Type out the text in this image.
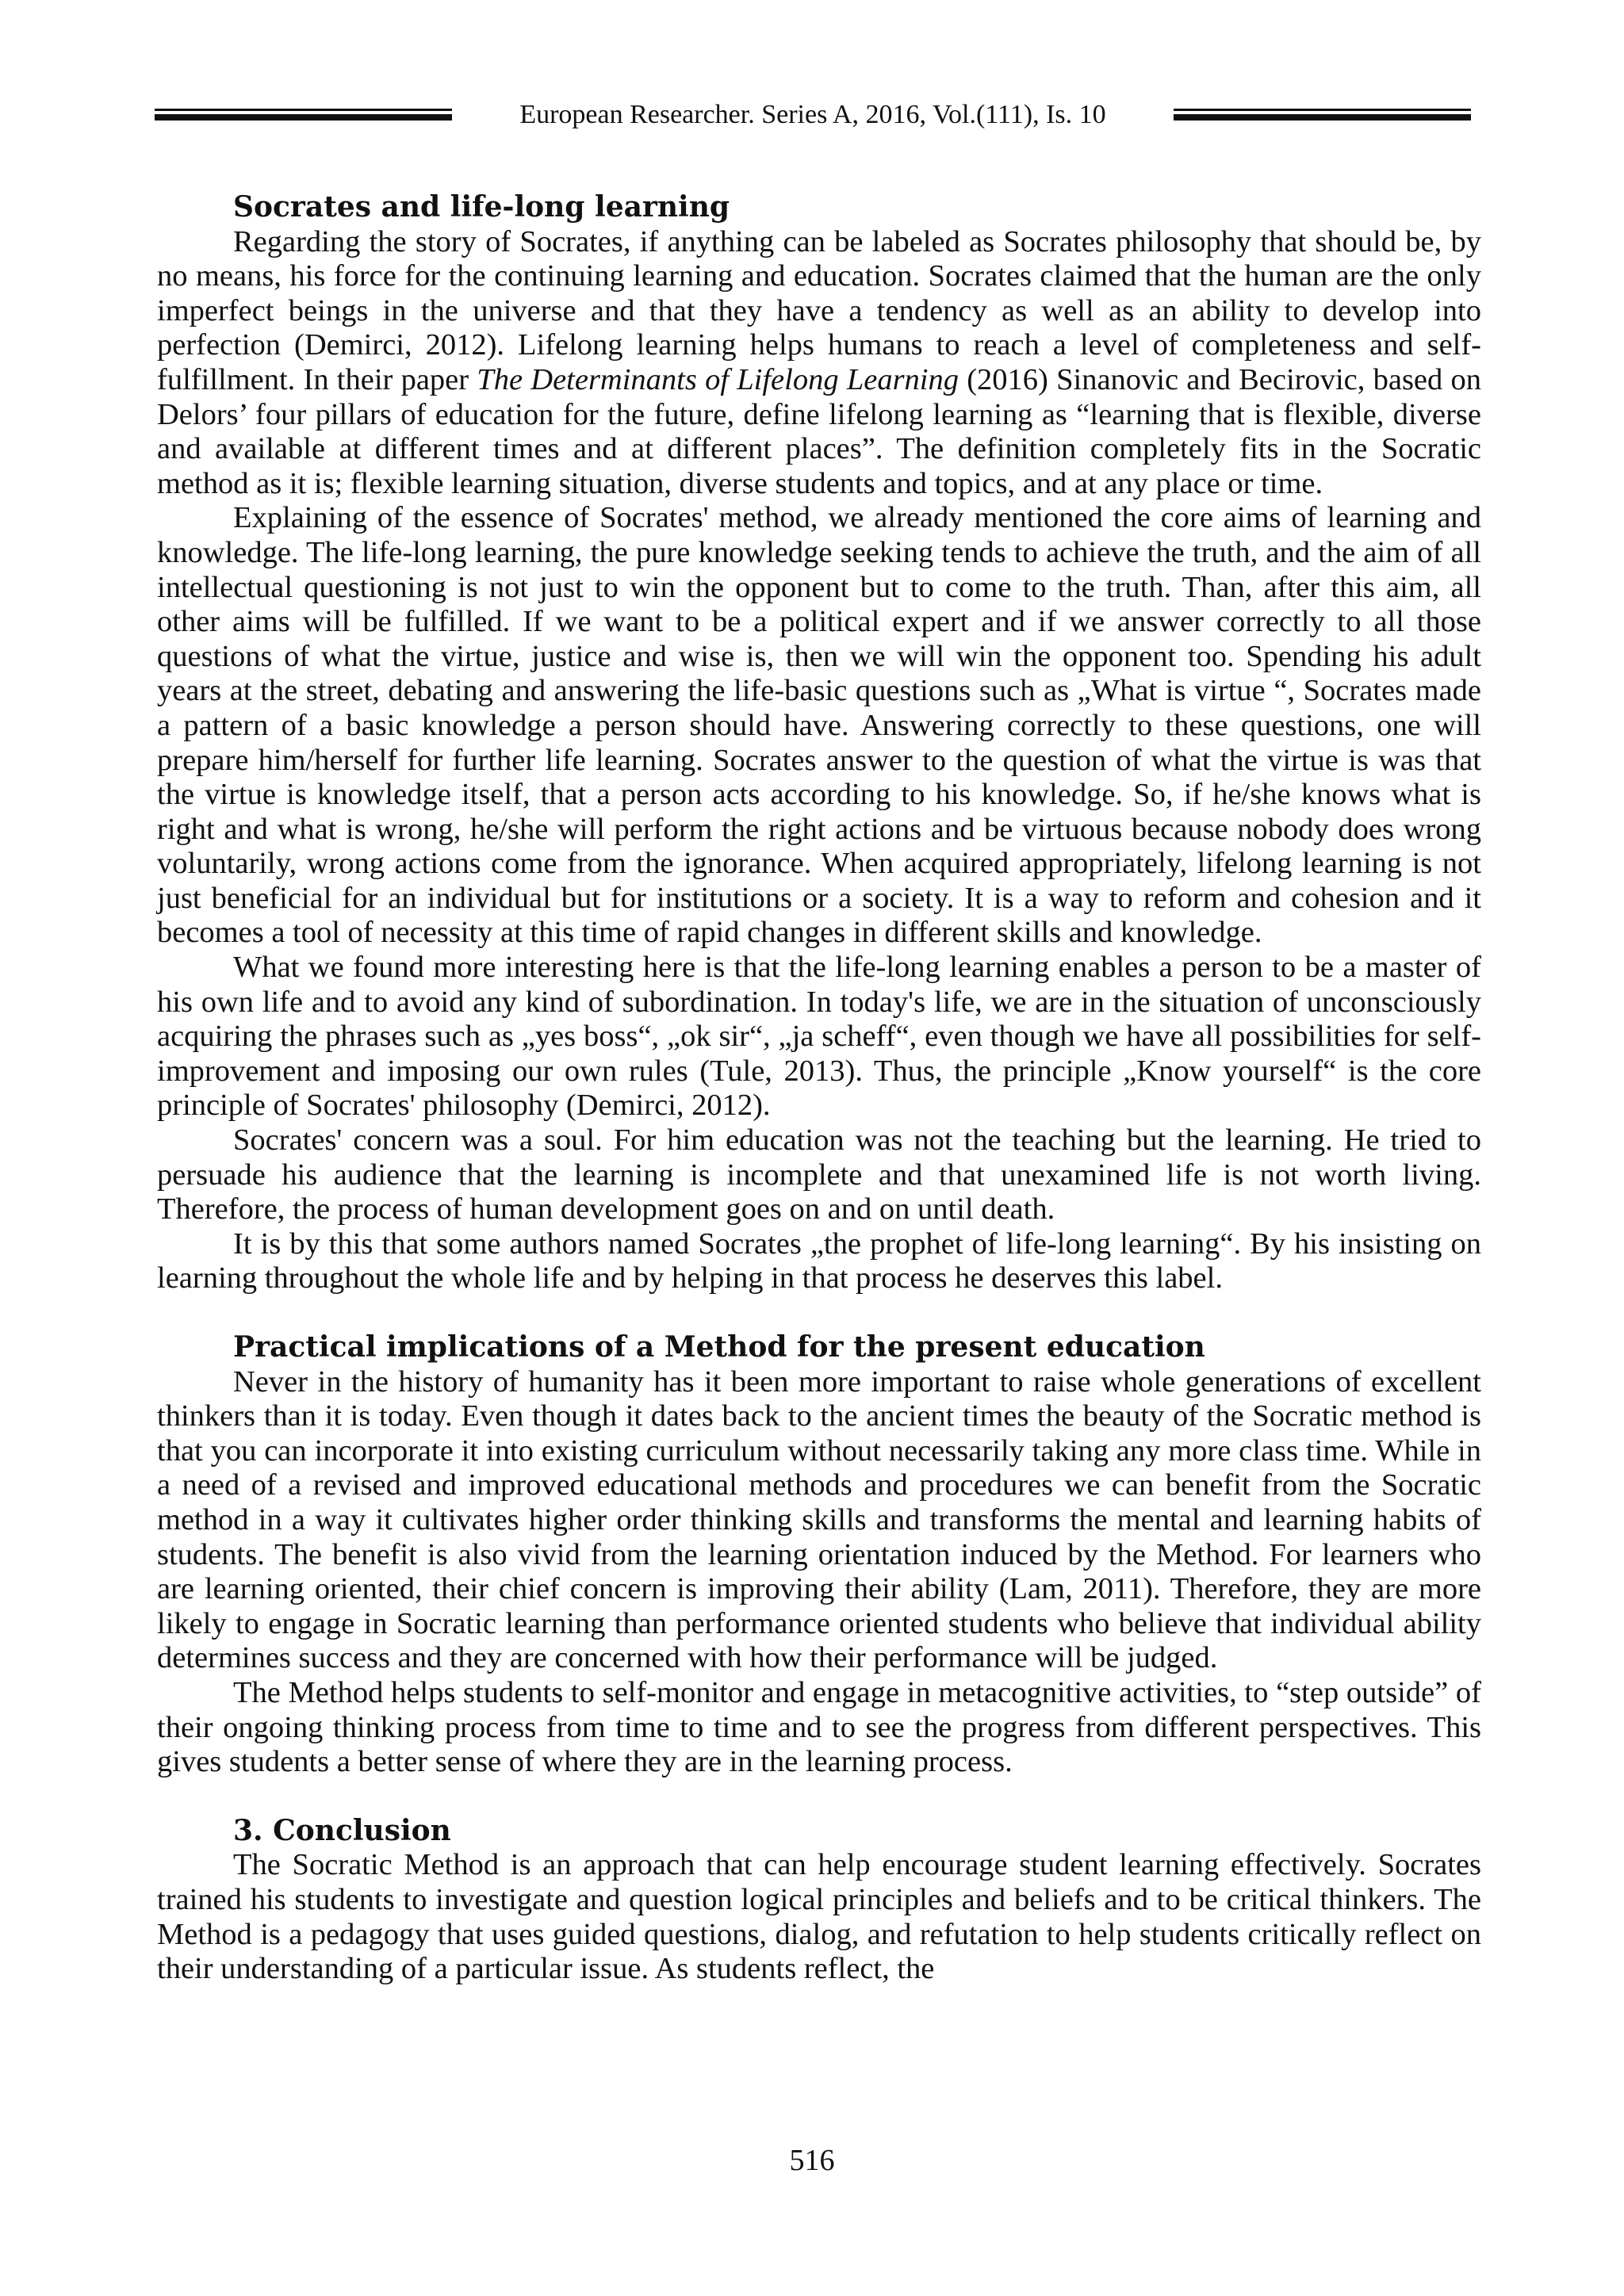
European Researcher. Series A, 2016, Vol.(111), Is. 10
Socrates and life-long learning

Regarding the story of Socrates, if anything can be labeled as Socrates philosophy that should be, by no means, his force for the continuing learning and education. Socrates claimed that the human are the only imperfect beings in the universe and that they have a tendency as well as an ability to develop into perfection (Demirci, 2012). Lifelong learning helps humans to reach a level of completeness and self-fulfillment. In their paper The Determinants of Lifelong Learning (2016) Sinanovic and Becirovic, based on Delors’ four pillars of education for the future, define lifelong learning as “learning that is flexible, diverse and available at different times and at different places”. The definition completely fits in the Socratic method as it is; flexible learning situation, diverse students and topics, and at any place or time.

Explaining of the essence of Socrates' method, we already mentioned the core aims of learning and knowledge. The life-long learning, the pure knowledge seeking tends to achieve the truth, and the aim of all intellectual questioning is not just to win the opponent but to come to the truth. Than, after this aim, all other aims will be fulfilled. If we want to be a political expert and if we answer correctly to all those questions of what the virtue, justice and wise is, then we will win the opponent too. Spending his adult years at the street, debating and answering the life-basic questions such as „What is virtue “, Socrates made a pattern of a basic knowledge a person should have. Answering correctly to these questions, one will prepare him/herself for further life learning. Socrates answer to the question of what the virtue is was that the virtue is knowledge itself, that a person acts according to his knowledge. So, if he/she knows what is right and what is wrong, he/she will perform the right actions and be virtuous because nobody does wrong voluntarily, wrong actions come from the ignorance. When acquired appropriately, lifelong learning is not just beneficial for an individual but for institutions or a society. It is a way to reform and cohesion and it becomes a tool of necessity at this time of rapid changes in different skills and knowledge.

What we found more interesting here is that the life-long learning enables a person to be a master of his own life and to avoid any kind of subordination. In today's life, we are in the situation of unconsciously acquiring the phrases such as „yes boss“, „ok sir“, „ja scheff“, even though we have all possibilities for self-improvement and imposing our own rules (Tule, 2013). Thus, the principle „Know yourself“ is the core principle of Socrates' philosophy (Demirci, 2012).

Socrates' concern was a soul. For him education was not the teaching but the learning. He tried to persuade his audience that the learning is incomplete and that unexamined life is not worth living. Therefore, the process of human development goes on and on until death.

It is by this that some authors named Socrates „the prophet of life-long learning“. By his insisting on learning throughout the whole life and by helping in that process he deserves this label.

Practical implications of a Method for the present education

Never in the history of humanity has it been more important to raise whole generations of excellent thinkers than it is today. Even though it dates back to the ancient times the beauty of the Socratic method is that you can incorporate it into existing curriculum without necessarily taking any more class time. While in a need of a revised and improved educational methods and procedures we can benefit from the Socratic method in a way it cultivates higher order thinking skills and transforms the mental and learning habits of students. The benefit is also vivid from the learning orientation induced by the Method. For learners who are learning oriented, their chief concern is improving their ability (Lam, 2011). Therefore, they are more likely to engage in Socratic learning than performance oriented students who believe that individual ability determines success and they are concerned with how their performance will be judged.

The Method helps students to self-monitor and engage in metacognitive activities, to “step outside” of their ongoing thinking process from time to time and to see the progress from different perspectives. This gives students a better sense of where they are in the learning process.

3. Conclusion

The Socratic Method is an approach that can help encourage student learning effectively. Socrates trained his students to investigate and question logical principles and beliefs and to be critical thinkers. The Method is a pedagogy that uses guided questions, dialog, and refutation to help students critically reflect on their understanding of a particular issue. As students reflect, the

516
